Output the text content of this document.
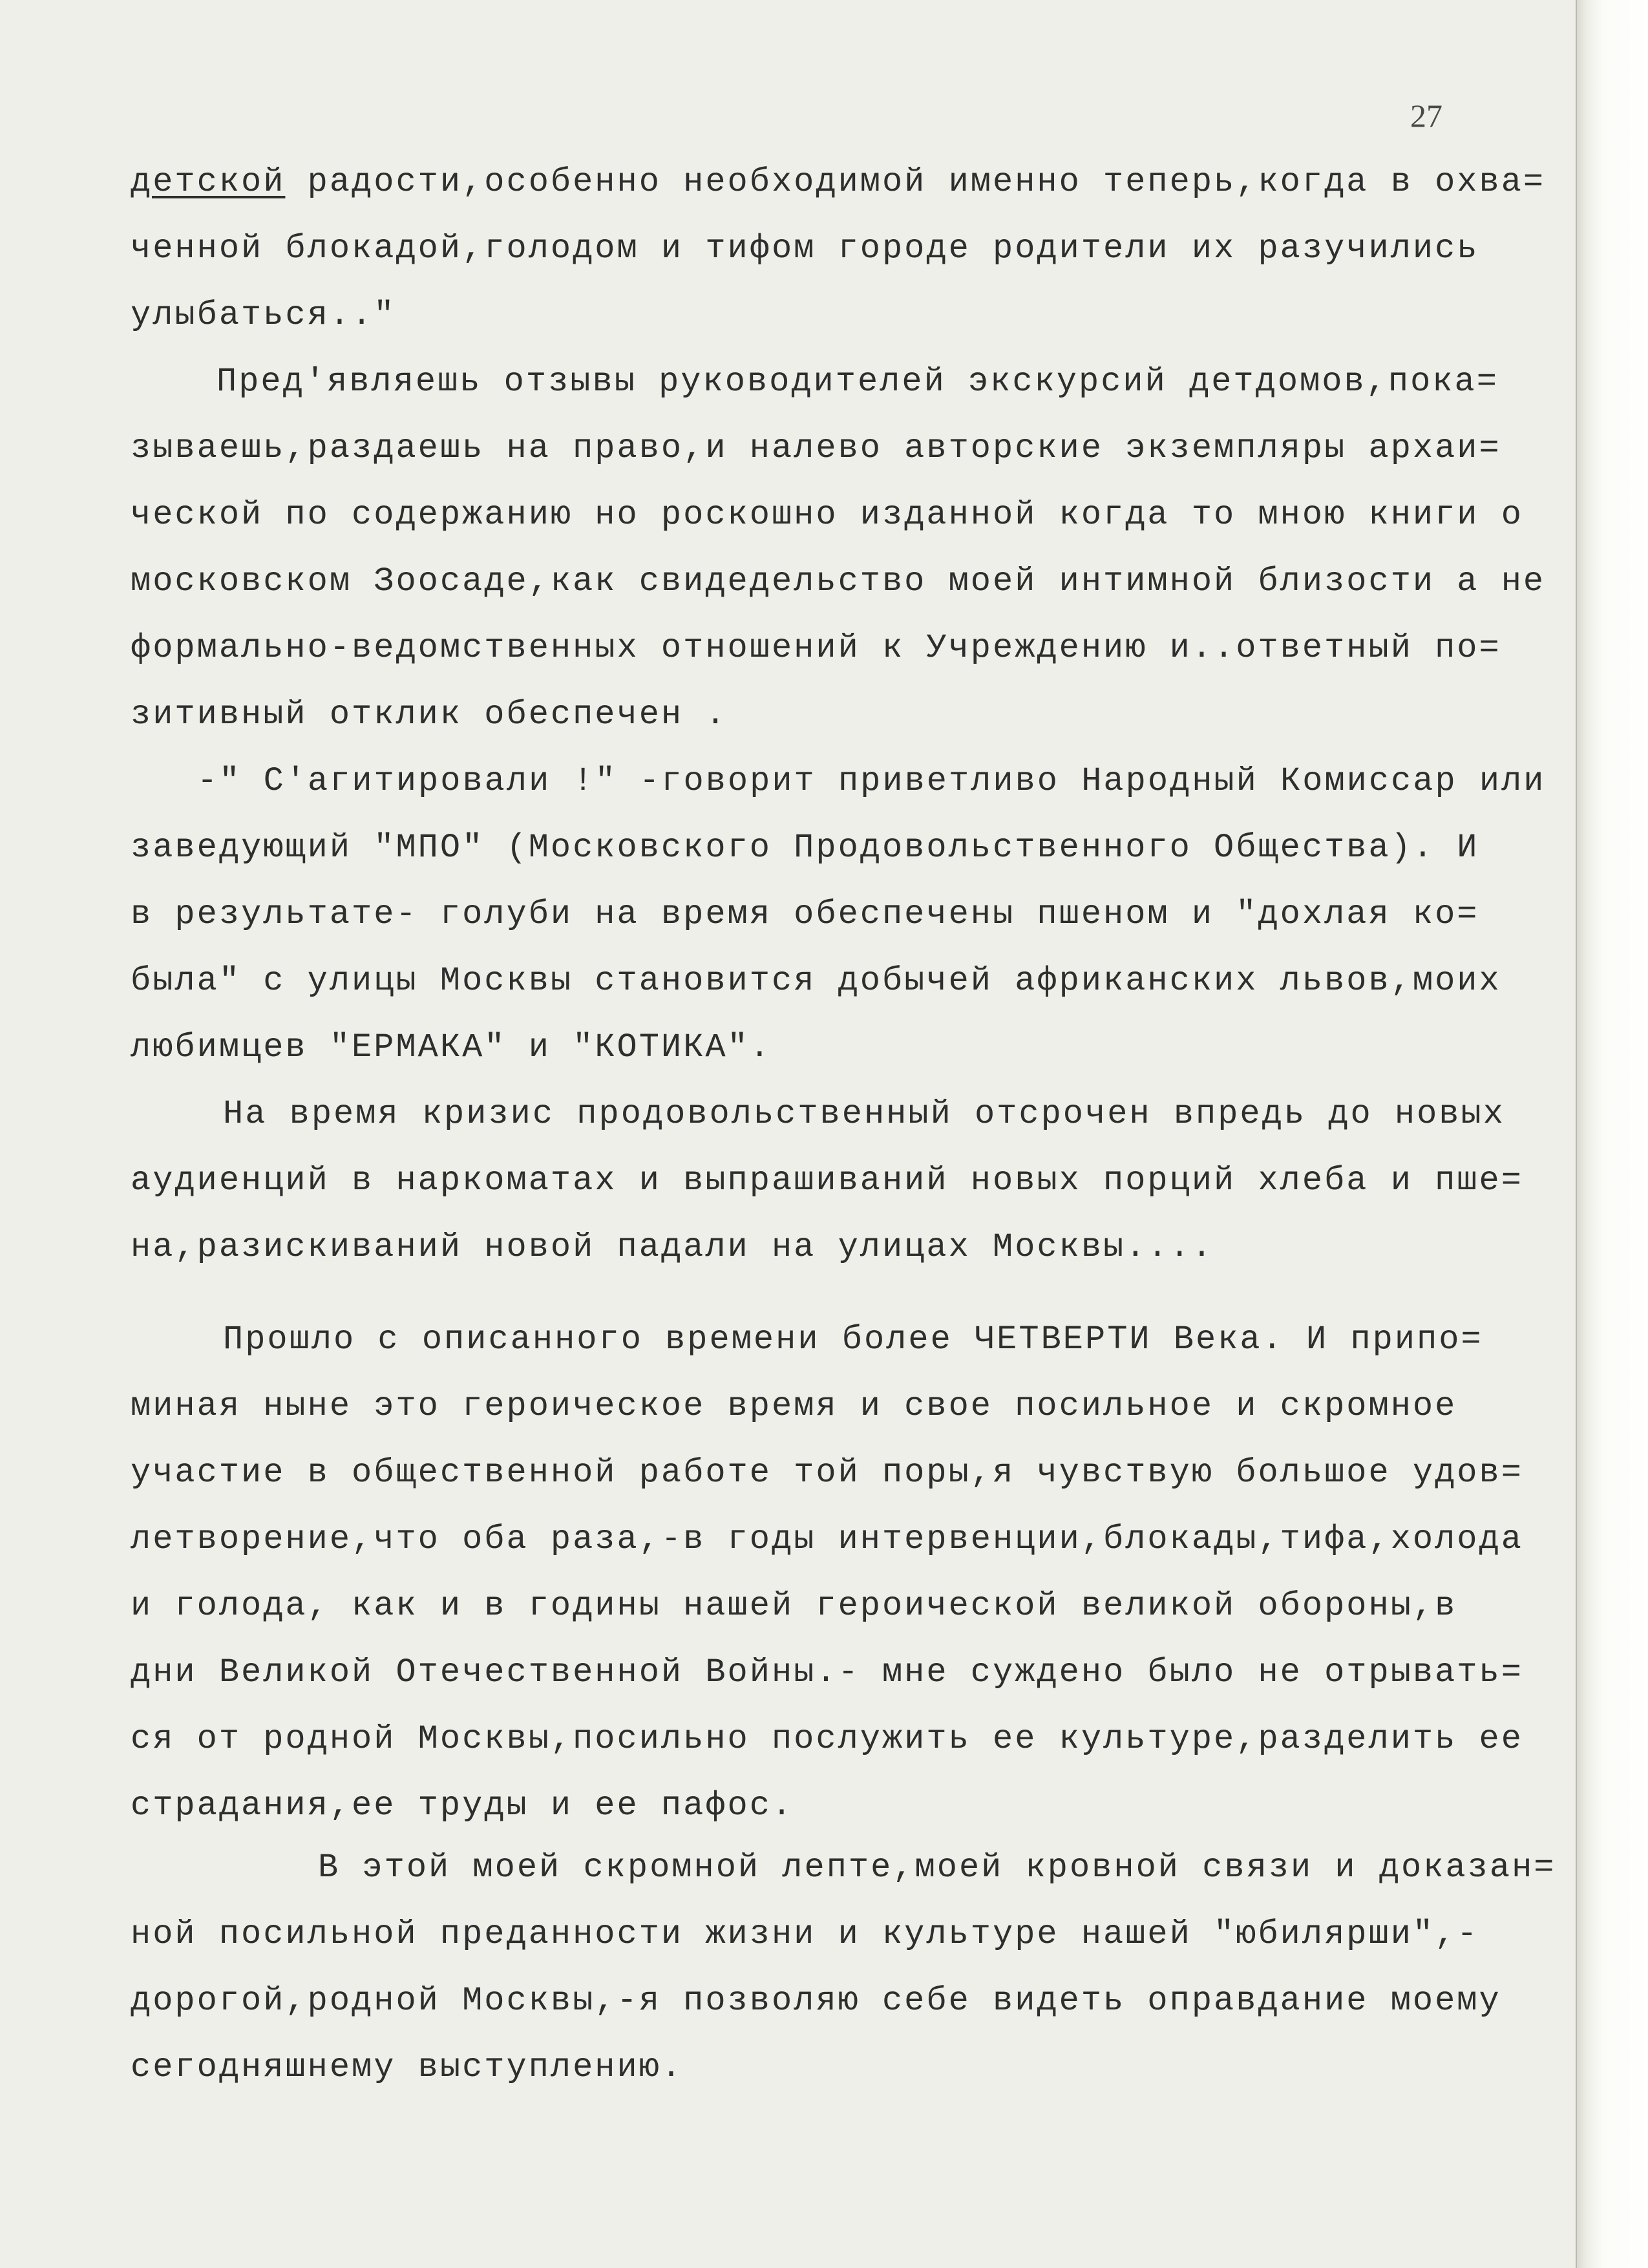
27
детской радости,особенно необходимой именно теперь,когда в охва=
ченной блокадой,голодом и тифом городе родители их разучились
улыбаться.."
Пред'являешь отзывы руководителей экскурсий детдомов,пока=
зываешь,раздаешь на право,и налево авторские экземпляры архаи=
ческой по содержанию но роскошно изданной когда то мною книги о
московском Зоосаде,как свидедельство моей интимной близости а не
формально-ведомственных отношений к Учреждению и..ответный по=
зитивный отклик обеспечен .
-" С'агитировали !" -говорит приветливо Народный Комиссар или
заведующий "МПО" (Московского Продовольственного Общества). И
в результате- голуби на время обеспечены пшеном и "дохлая ко=
была" с улицы Москвы становится добычей африканских львов,моих
любимцев "ЕРМАКА" и "КОТИКА".
На время кризис продовольственный отсрочен впредь до новых
аудиенций в наркоматах и выпрашиваний новых порций хлеба и пше=
на,разискиваний новой падали на улицах Москвы....
Прошло с описанного времени более ЧЕТВЕРТИ Века. И припо=
миная ныне это героическое время и свое посильное и скромное
участие в общественной работе той поры,я чувствую большое удов=
летворение,что оба раза,-в годы интервенции,блокады,тифа,холода
и голода, как и в годины нашей героической великой обороны,в
дни Великой Отечественной Войны.- мне суждено было не отрывать=
ся от родной Москвы,посильно послужить ее культуре,разделить ее
страдания,ее труды и ее пафос.
В этой моей скромной лепте,моей кровной связи и доказан=
ной посильной преданности жизни и культуре нашей "юбилярши",-
дорогой,родной Москвы,-я позволяю себе видеть оправдание моему
сегодняшнему выступлению.
